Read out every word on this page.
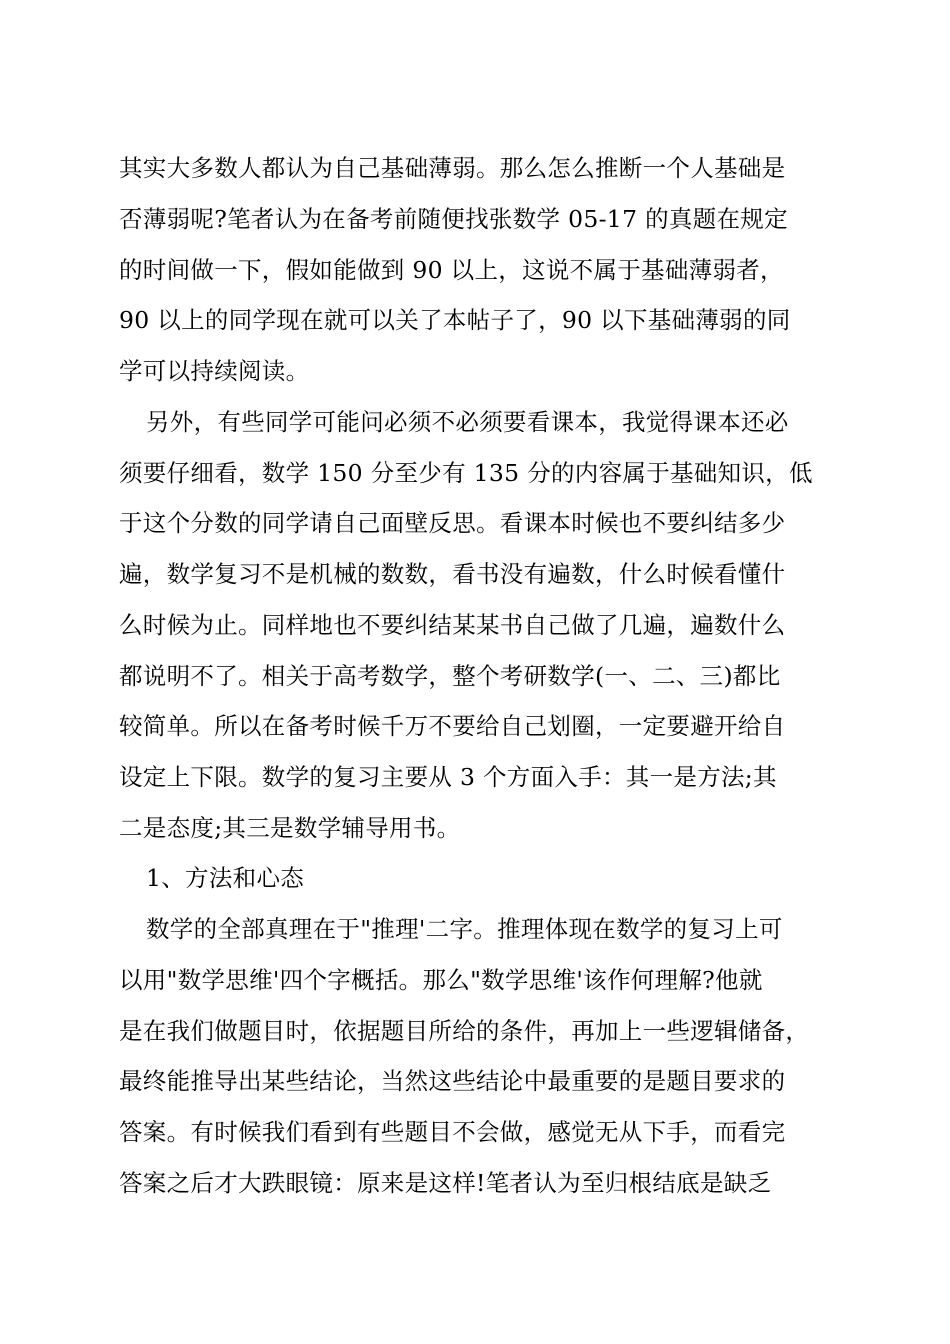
其实大多数人都认为自己基础薄弱。那么怎么推断一个人基础是
否薄弱呢?笔者认为在备考前随便找张数学 05-17 的真题在规定
的时间做一下，假如能做到 90 以上，这说不属于基础薄弱者，
90 以上的同学现在就可以关了本帖子了，90 以下基础薄弱的同
学可以持续阅读。
另外，有些同学可能问必须不必须要看课本，我觉得课本还必
须要仔细看，数学 150 分至少有 135 分的内容属于基础知识，低
于这个分数的同学请自己面壁反思。看课本时候也不要纠结多少
遍，数学复习不是机械的数数，看书没有遍数，什么时候看懂什
么时候为止。同样地也不要纠结某某书自己做了几遍，遍数什么
都说明不了。相关于高考数学，整个考研数学(一、二、三)都比
较简单。所以在备考时候千万不要给自己划圈，一定要避开给自
设定上下限。数学的复习主要从 3 个方面入手：其一是方法;其
二是态度;其三是数学辅导用书。
1、方法和心态
数学的全部真理在于"推理'二字。推理体现在数学的复习上可
以用"数学思维'四个字概括。那么"数学思维'该作何理解?他就
是在我们做题目时，依据题目所给的条件，再加上一些逻辑储备，
最终能推导出某些结论，当然这些结论中最重要的是题目要求的
答案。有时候我们看到有些题目不会做，感觉无从下手，而看完
答案之后才大跌眼镜：原来是这样!笔者认为至归根结底是缺乏
